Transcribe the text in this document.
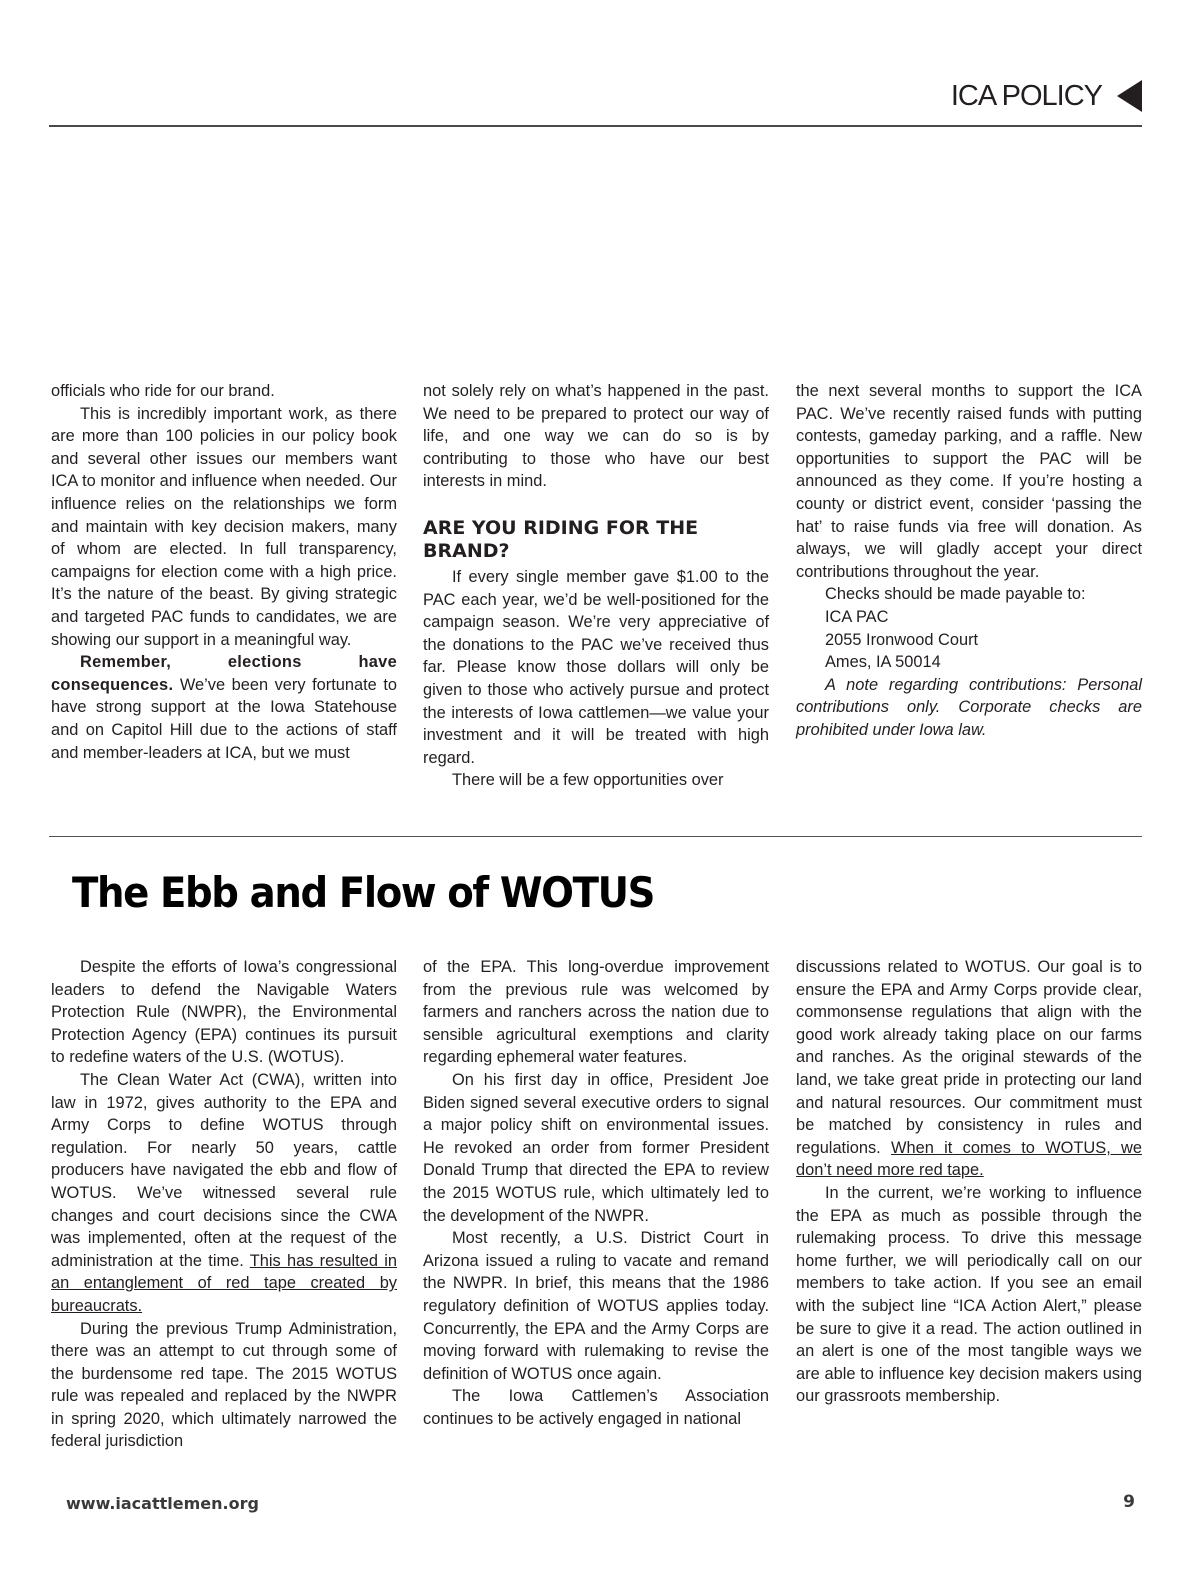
ICA POLICY

officials who ride for our brand.

This is incredibly important work, as there are more than 100 policies in our policy book and several other issues our members want ICA to monitor and influence when needed. Our influence relies on the relationships we form and maintain with key decision makers, many of whom are elected. In full transparency, campaigns for election come with a high price. It’s the nature of the beast. By giving strategic and targeted PAC funds to candidates, we are showing our support in a meaningful way.

Remember, elections have consequences. We’ve been very fortunate to have strong support at the Iowa Statehouse and on Capitol Hill due to the actions of staff and member-leaders at ICA, but we must

not solely rely on what’s happened in the past. We need to be prepared to protect our way of life, and one way we can do so is by contributing to those who have our best interests in mind.

ARE YOU RIDING FOR THE BRAND?

If every single member gave $1.00 to the PAC each year, we’d be well-positioned for the campaign season. We’re very appreciative of the donations to the PAC we’ve received thus far. Please know those dollars will only be given to those who actively pursue and protect the interests of Iowa cattlemen—we value your investment and it will be treated with high regard.

There will be a few opportunities over

the next several months to support the ICA PAC. We’ve recently raised funds with putting contests, gameday parking, and a raffle. New opportunities to support the PAC will be announced as they come. If you’re hosting a county or district event, consider ‘passing the hat’ to raise funds via free will donation. As always, we will gladly accept your direct contributions throughout the year.

Checks should be made payable to:

ICA PAC

2055 Ironwood Court

Ames, IA 50014

A note regarding contributions: Personal contributions only. Corporate checks are prohibited under Iowa law.

The Ebb and Flow of WOTUS

Despite the efforts of Iowa’s congressional leaders to defend the Navigable Waters Protection Rule (NWPR), the Environmental Protection Agency (EPA) continues its pursuit to redefine waters of the U.S. (WOTUS).

The Clean Water Act (CWA), written into law in 1972, gives authority to the EPA and Army Corps to define WOTUS through regulation. For nearly 50 years, cattle producers have navigated the ebb and flow of WOTUS. We’ve witnessed several rule changes and court decisions since the CWA was implemented, often at the request of the administration at the time. This has resulted in an entanglement of red tape created by bureaucrats.

During the previous Trump Administration, there was an attempt to cut through some of the burdensome red tape. The 2015 WOTUS rule was repealed and replaced by the NWPR in spring 2020, which ultimately narrowed the federal jurisdiction

of the EPA. This long-overdue improvement from the previous rule was welcomed by farmers and ranchers across the nation due to sensible agricultural exemptions and clarity regarding ephemeral water features.

On his first day in office, President Joe Biden signed several executive orders to signal a major policy shift on environmental issues. He revoked an order from former President Donald Trump that directed the EPA to review the 2015 WOTUS rule, which ultimately led to the development of the NWPR.

Most recently, a U.S. District Court in Arizona issued a ruling to vacate and remand the NWPR. In brief, this means that the 1986 regulatory definition of WOTUS applies today. Concurrently, the EPA and the Army Corps are moving forward with rulemaking to revise the definition of WOTUS once again.

The Iowa Cattlemen’s Association continues to be actively engaged in national

discussions related to WOTUS. Our goal is to ensure the EPA and Army Corps provide clear, commonsense regulations that align with the good work already taking place on our farms and ranches. As the original stewards of the land, we take great pride in protecting our land and natural resources. Our commitment must be matched by consistency in rules and regulations. When it comes to WOTUS, we don’t need more red tape.

In the current, we’re working to influence the EPA as much as possible through the rulemaking process. To drive this message home further, we will periodically call on our members to take action. If you see an email with the subject line “ICA Action Alert,” please be sure to give it a read. The action outlined in an alert is one of the most tangible ways we are able to influence key decision makers using our grassroots membership.

www.iacattlemen.org	9
